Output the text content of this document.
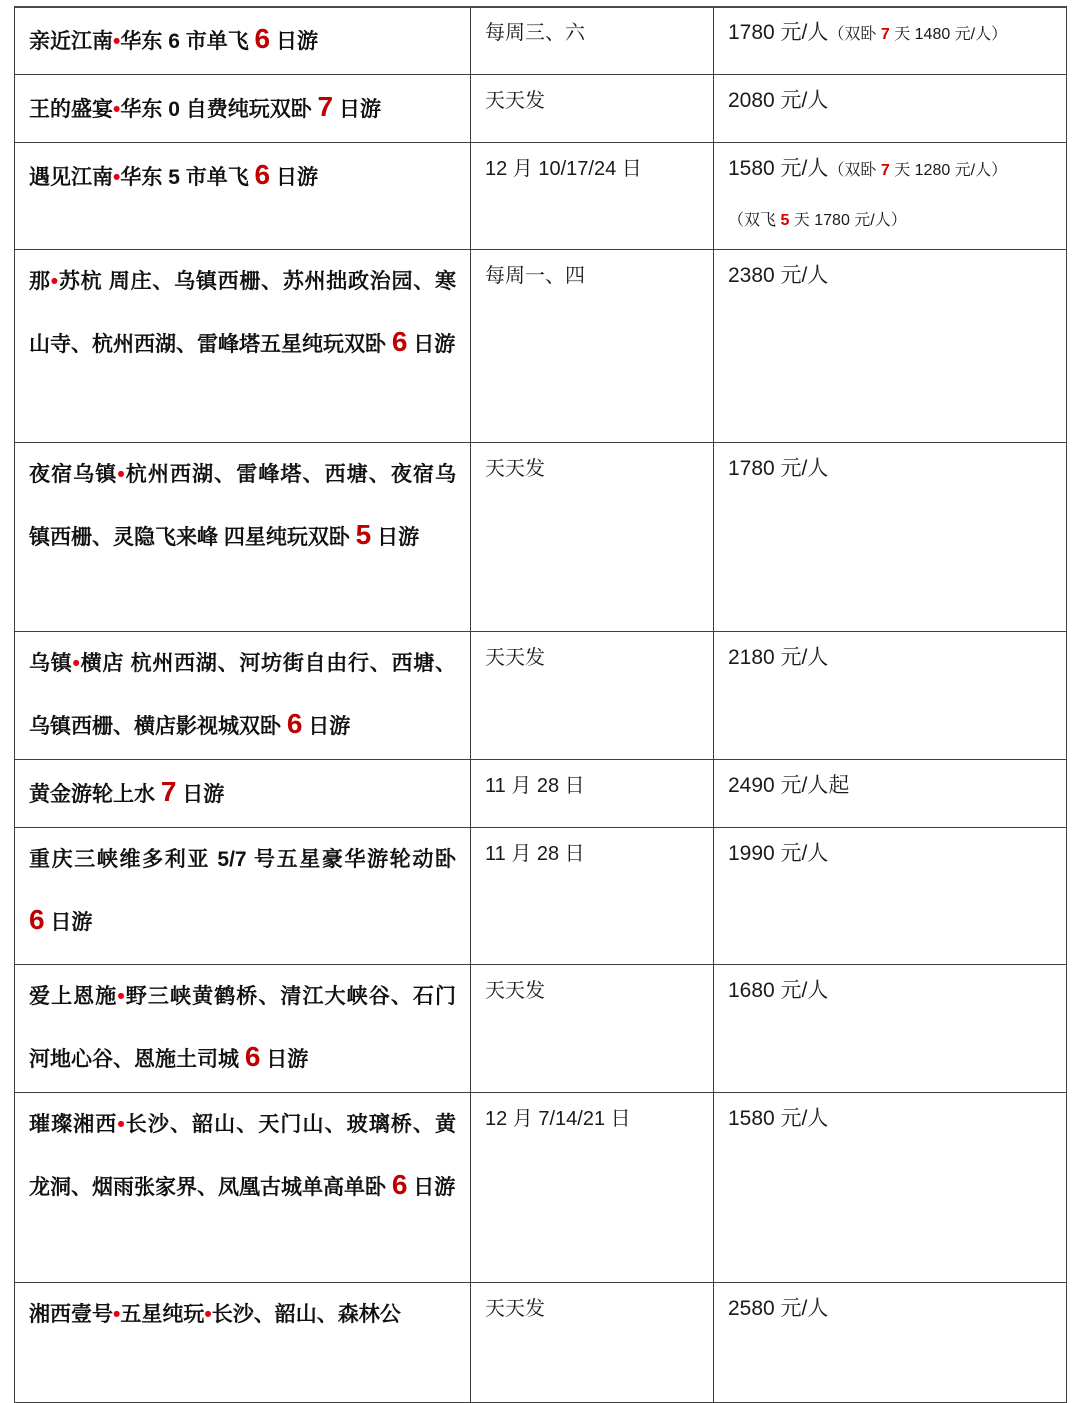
亲近江南•华东 6 市单飞 6 日游	每周三、六	1780 元/人（双卧 7 天 1480 元/人）

王的盛宴•华东 0 自费纯玩双卧 7 日游	天天发	2080 元/人

遇见江南•华东 5 市单飞 6 日游	12 月 10/17/24 日	1580 元/人（双卧 7 天 1280 元/人）
（双飞 5 天 1780 元/人）

那•苏杭 周庄、乌镇西栅、苏州拙政治园、寒山寺、杭州西湖、雷峰塔五星纯玩双卧 6 日游	每周一、四	2380 元/人

夜宿乌镇•杭州西湖、雷峰塔、西塘、夜宿乌镇西栅、灵隐飞来峰 四星纯玩双卧 5 日游	天天发	1780 元/人

乌镇•横店 杭州西湖、河坊街自由行、西塘、乌镇西栅、横店影视城双卧 6 日游	天天发	2180 元/人

黄金游轮上水 7 日游	11 月 28 日	2490 元/人起

重庆三峡维多利亚 5/7 号五星豪华游轮动卧 6 日游	11 月 28 日	1990 元/人

爱上恩施•野三峡黄鹤桥、清江大峡谷、石门河地心谷、恩施土司城 6 日游	天天发	1680 元/人

璀璨湘西•长沙、韶山、天门山、玻璃桥、黄龙洞、烟雨张家界、凤凰古城单高单卧 6 日游	12 月 7/14/21 日	1580 元/人

湘西壹号•五星纯玩•长沙、韶山、森林公	天天发	2580 元/人
